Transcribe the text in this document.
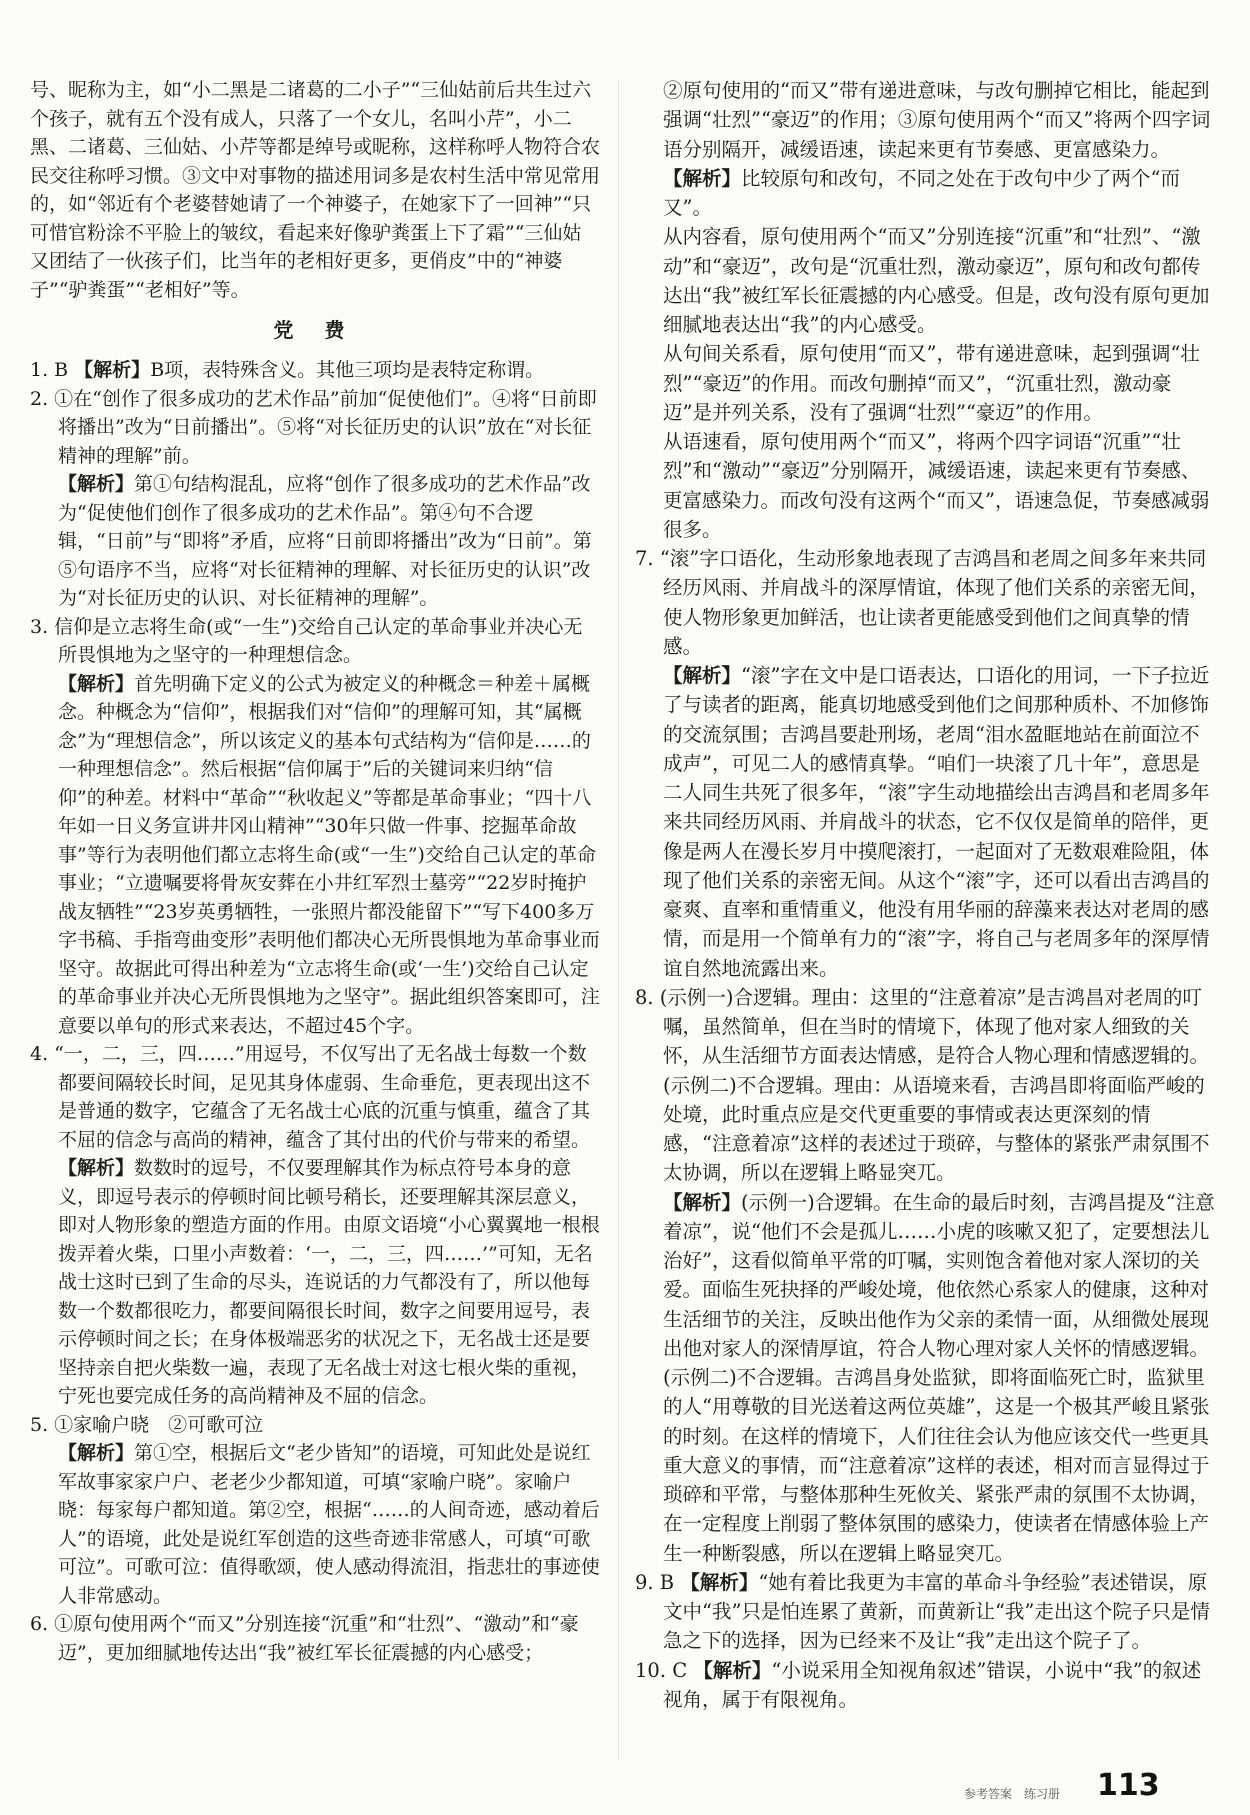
号、昵称为主，如“小二黑是二诸葛的二小子”“三仙姑前后共生过六个孩子，就有五个没有成人，只落了一个女儿，名叫小芹”，小二黑、二诸葛、三仙姑、小芹等都是绰号或昵称，这样称呼人物符合农民交往称呼习惯。③文中对事物的描述用词多是农村生活中常见常用的，如“邻近有个老婆替她请了一个神婆子，在她家下了一回神”“只可惜官粉涂不平脸上的皱纹，看起来好像驴粪蛋上下了霜”“三仙姑又团结了一伙孩子们，比当年的老相好更多，更俏皮”中的“神婆子”“驴粪蛋”“老相好”等。

党 费

1. B 【解析】B项，表特殊含义。其他三项均是表特定称谓。

2. ①在“创作了很多成功的艺术作品”前加“促使他们”。④将“日前即将播出”改为“日前播出”。⑤将“对长征历史的认识”放在“对长征精神的理解”前。

【解析】第①句结构混乱，应将“创作了很多成功的艺术作品”改为“促使他们创作了很多成功的艺术作品”。第④句不合逻辑，“日前”与“即将”矛盾，应将“日前即将播出”改为“日前”。第⑤句语序不当，应将“对长征精神的理解、对长征历史的认识”改为“对长征历史的认识、对长征精神的理解”。

3. 信仰是立志将生命(或“一生”)交给自己认定的革命事业并决心无所畏惧地为之坚守的一种理想信念。

【解析】首先明确下定义的公式为被定义的种概念＝种差＋属概念。种概念为“信仰”，根据我们对“信仰”的理解可知，其“属概念”为“理想信念”，所以该定义的基本句式结构为“信仰是……的一种理想信念”。然后根据“信仰属于”后的关键词来归纳“信仰”的种差。材料中“革命”“秋收起义”等都是革命事业；“四十八年如一日义务宣讲井冈山精神”“30年只做一件事、挖掘革命故事”等行为表明他们都立志将生命(或“一生”)交给自己认定的革命事业；“立遗嘱要将骨灰安葬在小井红军烈士墓旁”“22岁时掩护战友牺牲”“23岁英勇牺牲，一张照片都没能留下”“写下400多万字书稿、手指弯曲变形”表明他们都决心无所畏惧地为革命事业而坚守。故据此可得出种差为“立志将生命(或‘一生’)交给自己认定的革命事业并决心无所畏惧地为之坚守”。据此组织答案即可，注意要以单句的形式来表达，不超过45个字。

4. “一，二，三，四……”用逗号，不仅写出了无名战士每数一个数都要间隔较长时间，足见其身体虚弱、生命垂危，更表现出这不是普通的数字，它蕴含了无名战士心底的沉重与慎重，蕴含了其不屈的信念与高尚的精神，蕴含了其付出的代价与带来的希望。

【解析】数数时的逗号，不仅要理解其作为标点符号本身的意义，即逗号表示的停顿时间比顿号稍长，还要理解其深层意义，即对人物形象的塑造方面的作用。由原文语境“小心翼翼地一根根拨弄着火柴，口里小声数着：‘一，二，三，四……’”可知，无名战士这时已到了生命的尽头，连说话的力气都没有了，所以他每数一个数都很吃力，都要间隔很长时间，数字之间要用逗号，表示停顿时间之长；在身体极端恶劣的状况之下，无名战士还是要坚持亲自把火柴数一遍，表现了无名战士对这七根火柴的重视，宁死也要完成任务的高尚精神及不屈的信念。

5. ①家喻户晓　②可歌可泣

【解析】第①空，根据后文“老少皆知”的语境，可知此处是说红军故事家家户户、老老少少都知道，可填“家喻户晓”。家喻户晓：每家每户都知道。第②空，根据“……的人间奇迹，感动着后人”的语境，此处是说红军创造的这些奇迹非常感人，可填“可歌可泣”。可歌可泣：值得歌颂，使人感动得流泪，指悲壮的事迹使人非常感动。

6. ①原句使用两个“而又”分别连接“沉重”和“壮烈”、“激动”和“豪迈”，更加细腻地传达出“我”被红军长征震撼的内心感受；

②原句使用的“而又”带有递进意味，与改句删掉它相比，能起到强调“壮烈”“豪迈”的作用；③原句使用两个“而又”将两个四字词语分别隔开，减缓语速，读起来更有节奏感、更富感染力。

【解析】比较原句和改句，不同之处在于改句中少了两个“而又”。

从内容看，原句使用两个“而又”分别连接“沉重”和“壮烈”、“激动”和“豪迈”，改句是“沉重壮烈，激动豪迈”，原句和改句都传达出“我”被红军长征震撼的内心感受。但是，改句没有原句更加细腻地表达出“我”的内心感受。

从句间关系看，原句使用“而又”，带有递进意味，起到强调“壮烈”“豪迈”的作用。而改句删掉“而又”，“沉重壮烈，激动豪迈”是并列关系，没有了强调“壮烈”“豪迈”的作用。

从语速看，原句使用两个“而又”，将两个四字词语“沉重”“壮烈”和“激动”“豪迈”分别隔开，减缓语速，读起来更有节奏感、更富感染力。而改句没有这两个“而又”，语速急促，节奏感减弱很多。

7. “滚”字口语化，生动形象地表现了吉鸿昌和老周之间多年来共同经历风雨、并肩战斗的深厚情谊，体现了他们关系的亲密无间，使人物形象更加鲜活，也让读者更能感受到他们之间真挚的情感。

【解析】“滚”字在文中是口语表达，口语化的用词，一下子拉近了与读者的距离，能真切地感受到他们之间那种质朴、不加修饰的交流氛围；吉鸿昌要赴刑场，老周“泪水盈眶地站在前面泣不成声”，可见二人的感情真挚。“咱们一块滚了几十年”，意思是二人同生共死了很多年，“滚”字生动地描绘出吉鸿昌和老周多年来共同经历风雨、并肩战斗的状态，它不仅仅是简单的陪伴，更像是两人在漫长岁月中摸爬滚打，一起面对了无数艰难险阻，体现了他们关系的亲密无间。从这个“滚”字，还可以看出吉鸿昌的豪爽、直率和重情重义，他没有用华丽的辞藻来表达对老周的感情，而是用一个简单有力的“滚”字，将自己与老周多年的深厚情谊自然地流露出来。

8. (示例一)合逻辑。理由：这里的“注意着凉”是吉鸿昌对老周的叮嘱，虽然简单，但在当时的情境下，体现了他对家人细致的关怀，从生活细节方面表达情感，是符合人物心理和情感逻辑的。

(示例二)不合逻辑。理由：从语境来看，吉鸿昌即将面临严峻的处境，此时重点应是交代更重要的事情或表达更深刻的情感，“注意着凉”这样的表述过于琐碎，与整体的紧张严肃氛围不太协调，所以在逻辑上略显突兀。

【解析】(示例一)合逻辑。在生命的最后时刻，吉鸿昌提及“注意着凉”，说“他们不会是孤儿……小虎的咳嗽又犯了，定要想法儿治好”，这看似简单平常的叮嘱，实则饱含着他对家人深切的关爱。面临生死抉择的严峻处境，他依然心系家人的健康，这种对生活细节的关注，反映出他作为父亲的柔情一面，从细微处展现出他对家人的深情厚谊，符合人物心理对家人关怀的情感逻辑。

(示例二)不合逻辑。吉鸿昌身处监狱，即将面临死亡时，监狱里的人“用尊敬的目光送着这两位英雄”，这是一个极其严峻且紧张的时刻。在这样的情境下，人们往往会认为他应该交代一些更具重大意义的事情，而“注意着凉”这样的表述，相对而言显得过于琐碎和平常，与整体那种生死攸关、紧张严肃的氛围不太协调，在一定程度上削弱了整体氛围的感染力，使读者在情感体验上产生一种断裂感，所以在逻辑上略显突兀。

9. B 【解析】“她有着比我更为丰富的革命斗争经验”表述错误，原文中“我”只是怕连累了黄新，而黄新让“我”走出这个院子只是情急之下的选择，因为已经来不及让“我”走出这个院子了。

10. C 【解析】“小说采用全知视角叙述”错误，小说中“我”的叙述视角，属于有限视角。

参考答案　练习册 113
